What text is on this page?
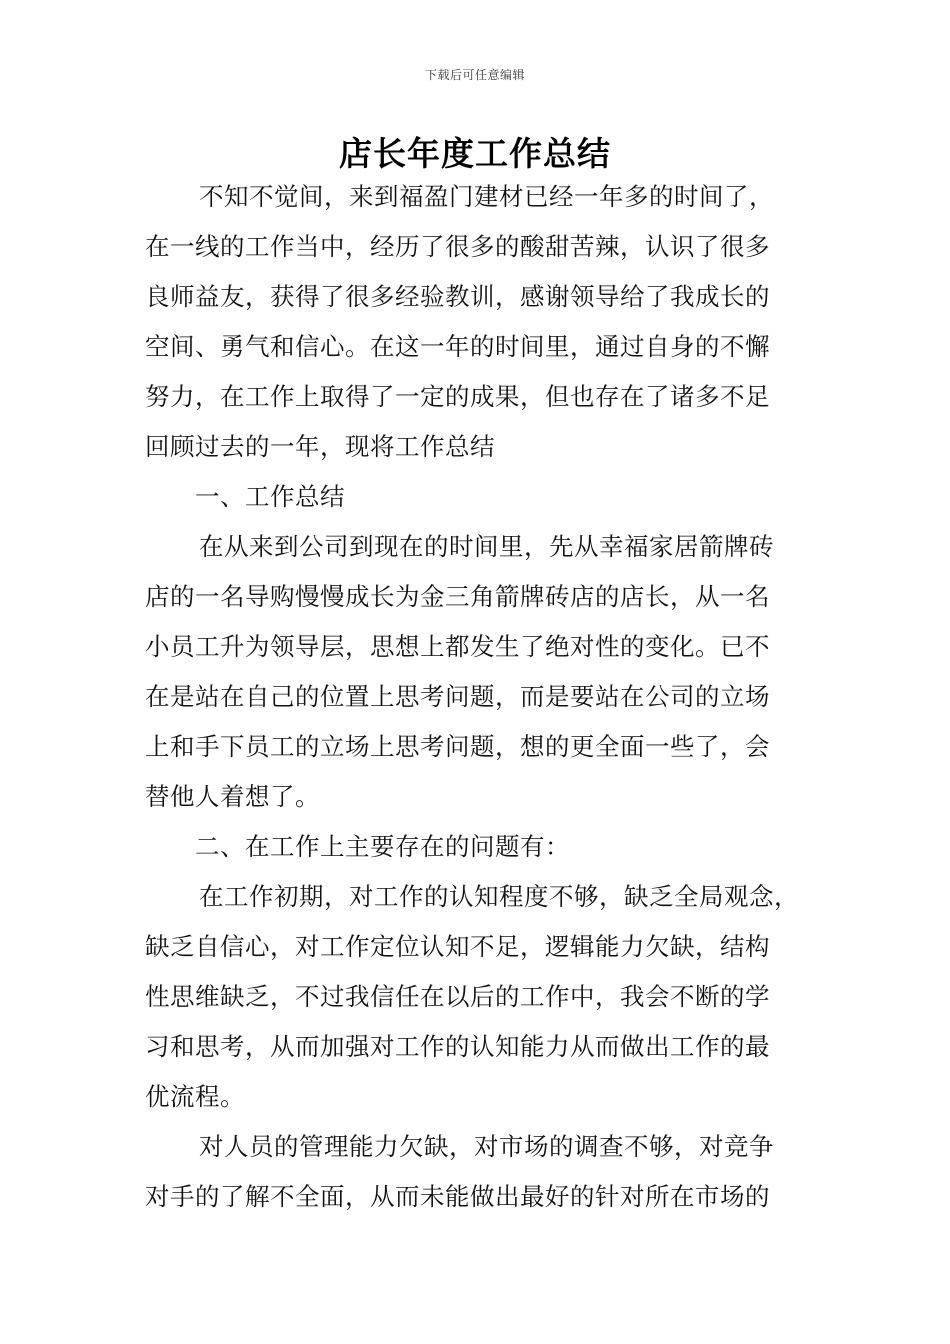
下载后可任意编辑
店长年度工作总结
不知不觉间，来到福盈门建材已经一年多的时间了，
在一线的工作当中，经历了很多的酸甜苦辣，认识了很多
良师益友，获得了很多经验教训，感谢领导给了我成长的
空间、勇气和信心。在这一年的时间里，通过自身的不懈
努力，在工作上取得了一定的成果，但也存在了诸多不足
回顾过去的一年，现将工作总结
一、工作总结
在从来到公司到现在的时间里，先从幸福家居箭牌砖
店的一名导购慢慢成长为金三角箭牌砖店的店长，从一名
小员工升为领导层，思想上都发生了绝对性的变化。已不
在是站在自己的位置上思考问题，而是要站在公司的立场
上和手下员工的立场上思考问题，想的更全面一些了，会
替他人着想了。
二、在工作上主要存在的问题有：
在工作初期，对工作的认知程度不够，缺乏全局观念，
缺乏自信心，对工作定位认知不足，逻辑能力欠缺，结构
性思维缺乏，不过我信任在以后的工作中，我会不断的学
习和思考，从而加强对工作的认知能力从而做出工作的最
优流程。
对人员的管理能力欠缺，对市场的调查不够，对竞争
对手的了解不全面，从而未能做出最好的针对所在市场的
